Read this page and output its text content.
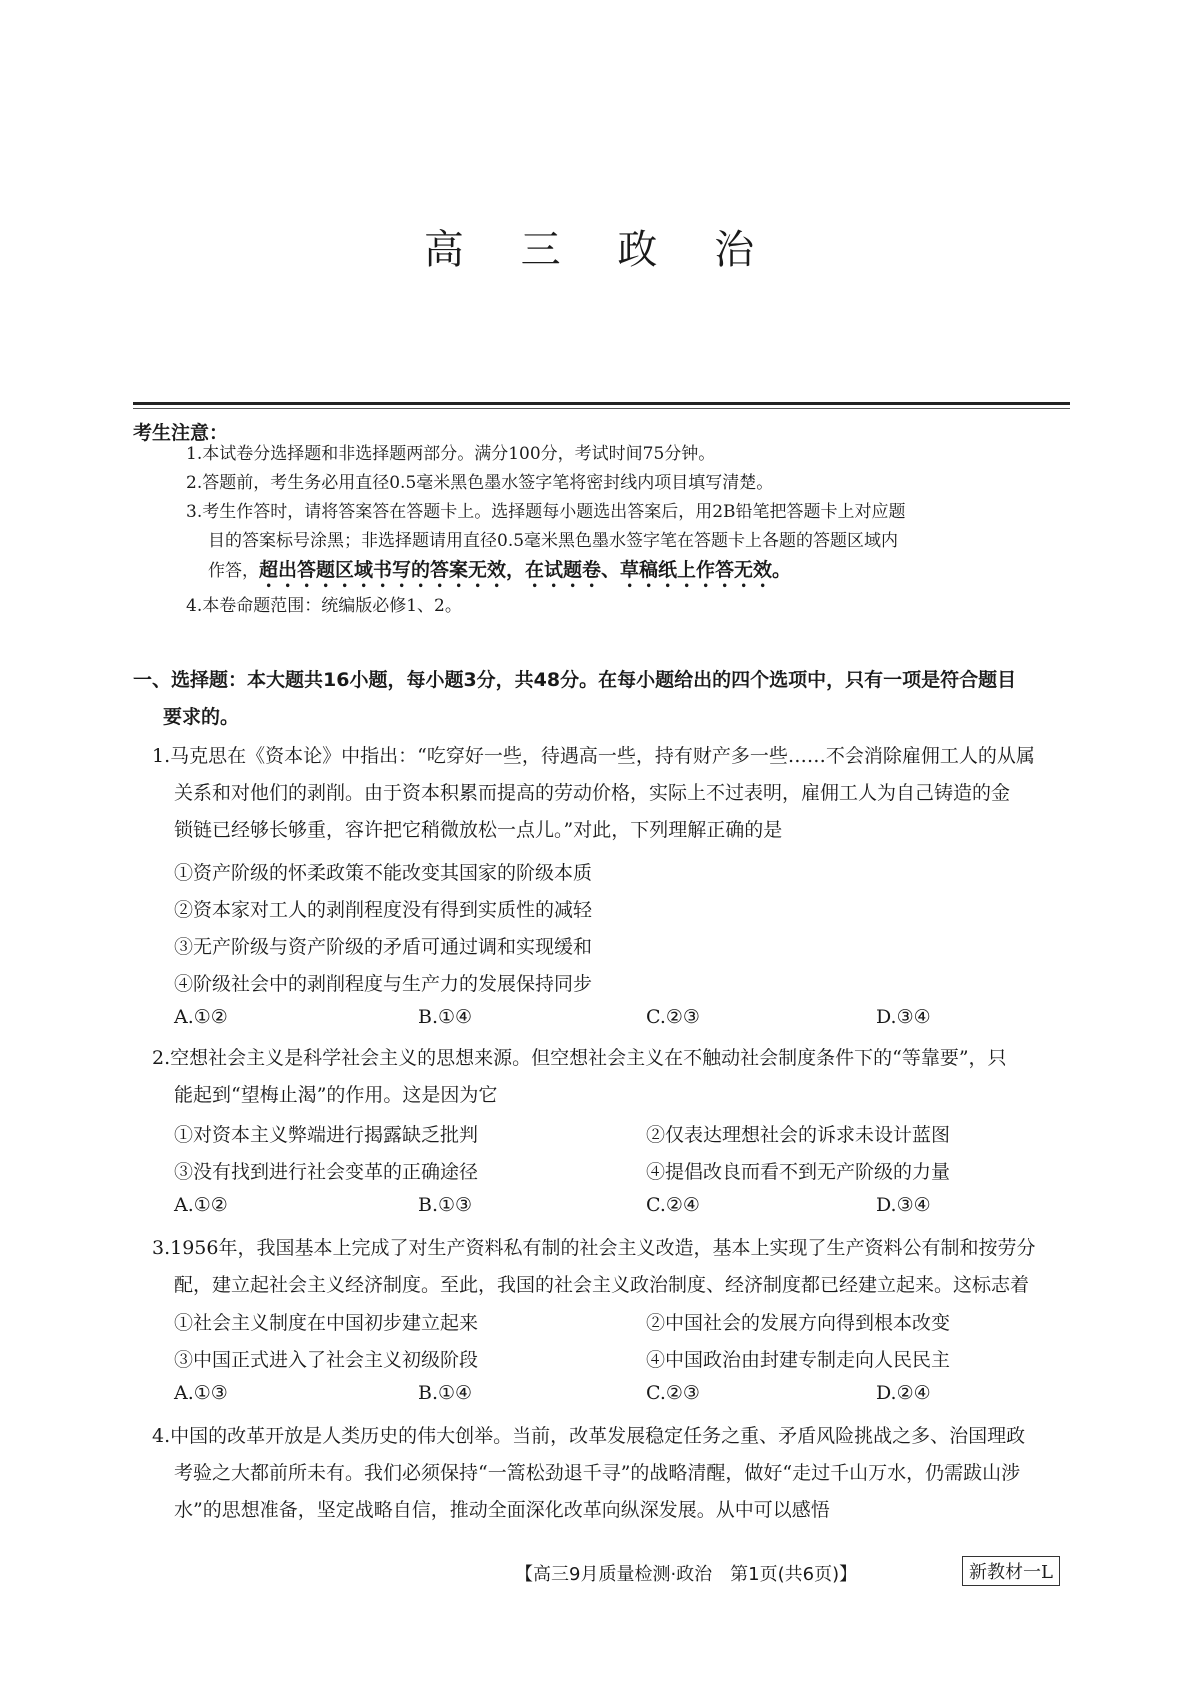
高 三 政 治
考生注意：
1.本试卷分选择题和非选择题两部分。满分100分，考试时间75分钟。
2.答题前，考生务必用直径0.5毫米黑色墨水签字笔将密封线内项目填写清楚。
3.考生作答时，请将答案答在答题卡上。选择题每小题选出答案后，用2B铅笔把答题卡上对应题
目的答案标号涂黑；非选择题请用直径0.5毫米黑色墨水签字笔在答题卡上各题的答题区域内
作答，超出答题区域书写的答案无效，在试题卷、草稿纸上作答无效。
4.本卷命题范围：统编版必修1、2。
一、选择题：本大题共16小题，每小题3分，共48分。在每小题给出的四个选项中，只有一项是符合题目
要求的。
1.马克思在《资本论》中指出：“吃穿好一些，待遇高一些，持有财产多一些……不会消除雇佣工人的从属
关系和对他们的剥削。由于资本积累而提高的劳动价格，实际上不过表明，雇佣工人为自己铸造的金
锁链已经够长够重，容许把它稍微放松一点儿。”对此，下列理解正确的是
①资产阶级的怀柔政策不能改变其国家的阶级本质
②资本家对工人的剥削程度没有得到实质性的减轻
③无产阶级与资产阶级的矛盾可通过调和实现缓和
④阶级社会中的剥削程度与生产力的发展保持同步
A.①②	B.①④	C.②③	D.③④
2.空想社会主义是科学社会主义的思想来源。但空想社会主义在不触动社会制度条件下的“等靠要”，只
能起到“望梅止渴”的作用。这是因为它
①对资本主义弊端进行揭露缺乏批判	②仅表达理想社会的诉求未设计蓝图
③没有找到进行社会变革的正确途径	④提倡改良而看不到无产阶级的力量
A.①②	B.①③	C.②④	D.③④
3.1956年，我国基本上完成了对生产资料私有制的社会主义改造，基本上实现了生产资料公有制和按劳分
配，建立起社会主义经济制度。至此，我国的社会主义政治制度、经济制度都已经建立起来。这标志着
①社会主义制度在中国初步建立起来	②中国社会的发展方向得到根本改变
③中国正式进入了社会主义初级阶段	④中国政治由封建专制走向人民民主
A.①③	B.①④	C.②③	D.②④
4.中国的改革开放是人类历史的伟大创举。当前，改革发展稳定任务之重、矛盾风险挑战之多、治国理政
考验之大都前所未有。我们必须保持“一篙松劲退千寻”的战略清醒，做好“走过千山万水，仍需跋山涉
水”的思想准备，坚定战略自信，推动全面深化改革向纵深发展。从中可以感悟
【高三9月质量检测·政治　第1页(共6页)】	新教材一L
